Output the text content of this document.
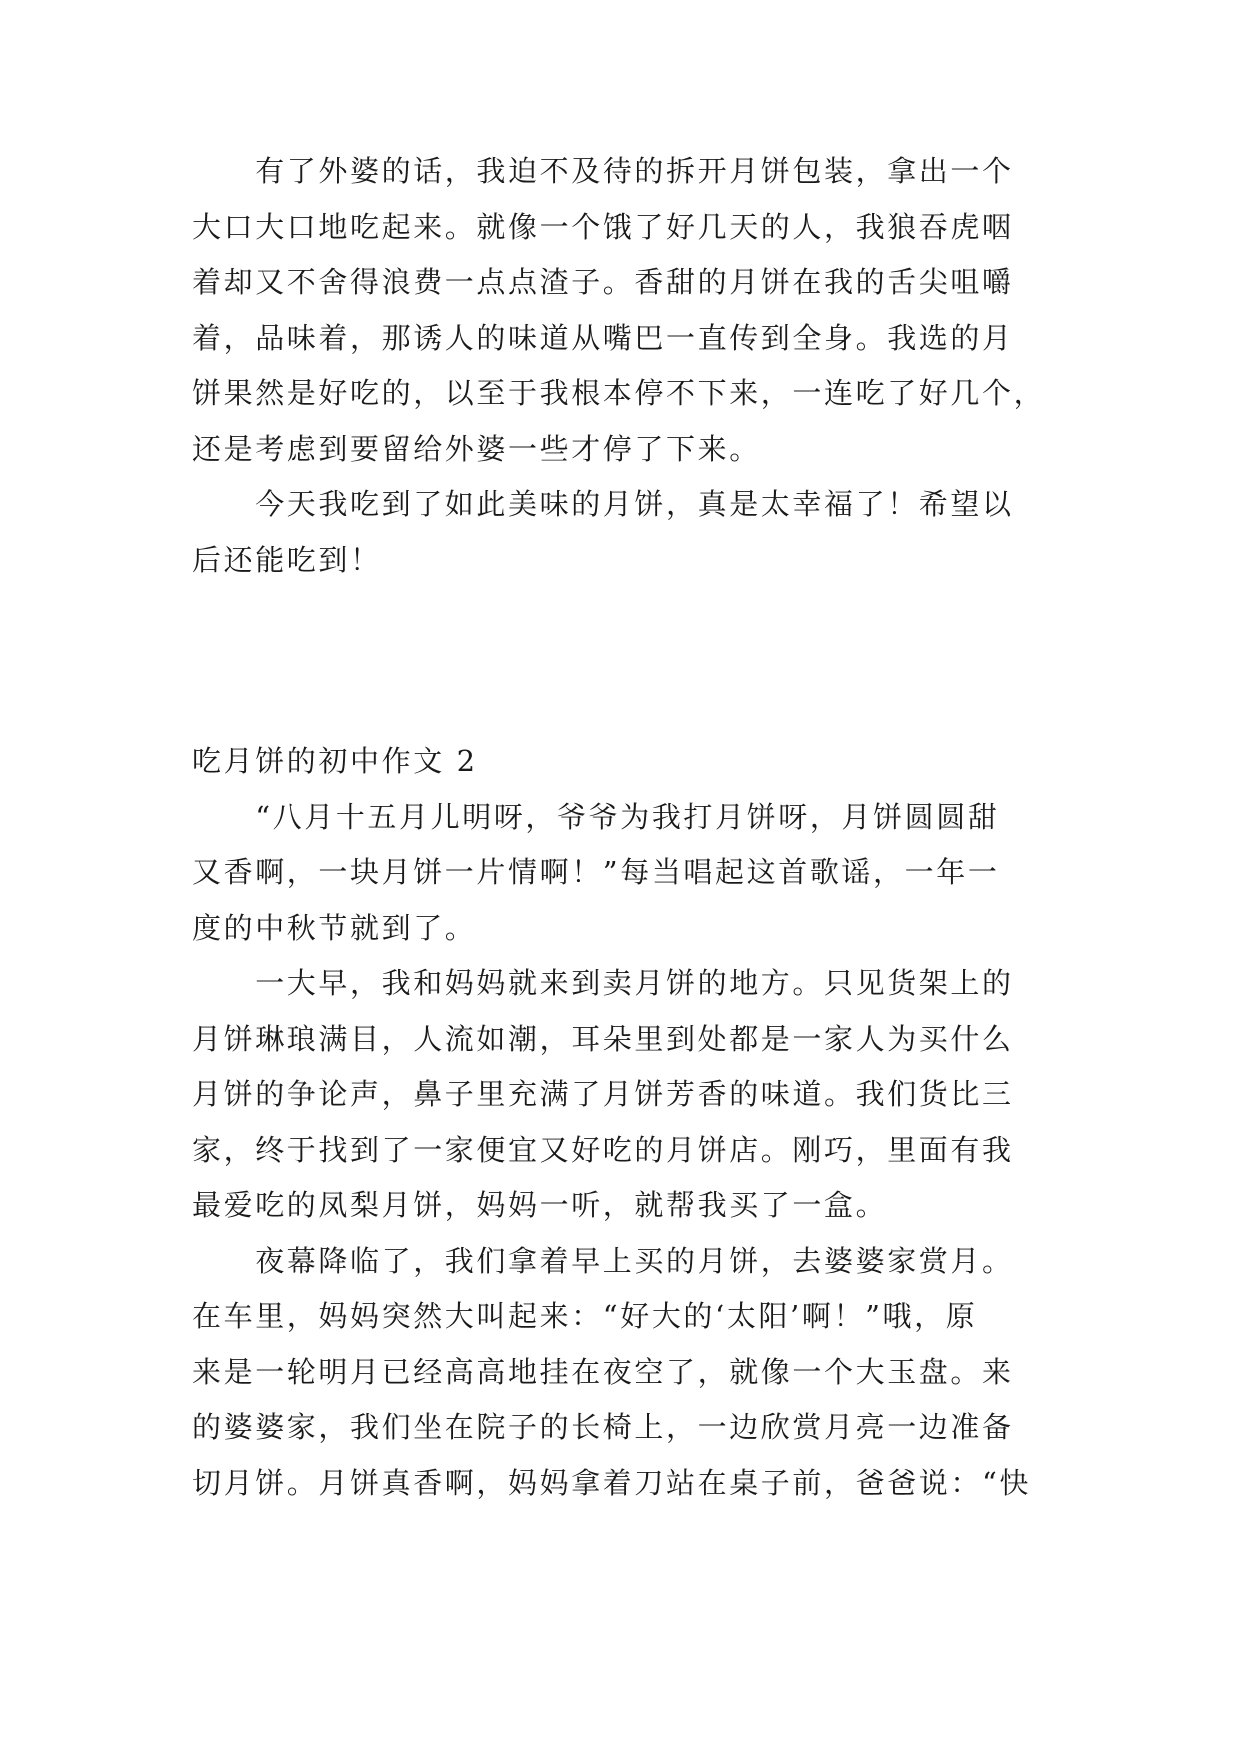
　　有了外婆的话，我迫不及待的拆开月饼包装，拿出一个
大口大口地吃起来。就像一个饿了好几天的人，我狼吞虎咽
着却又不舍得浪费一点点渣子。香甜的月饼在我的舌尖咀嚼
着，品味着，那诱人的味道从嘴巴一直传到全身。我选的月
饼果然是好吃的，以至于我根本停不下来，一连吃了好几个，
还是考虑到要留给外婆一些才停了下来。
　　今天我吃到了如此美味的月饼，真是太幸福了！希望以
后还能吃到！
吃月饼的初中作文 2
　　“八月十五月儿明呀，爷爷为我打月饼呀，月饼圆圆甜
又香啊，一块月饼一片情啊！”每当唱起这首歌谣，一年一
度的中秋节就到了。
　　一大早，我和妈妈就来到卖月饼的地方。只见货架上的
月饼琳琅满目，人流如潮，耳朵里到处都是一家人为买什么
月饼的争论声，鼻子里充满了月饼芳香的味道。我们货比三
家，终于找到了一家便宜又好吃的月饼店。刚巧，里面有我
最爱吃的凤梨月饼，妈妈一听，就帮我买了一盒。
　　夜幕降临了，我们拿着早上买的月饼，去婆婆家赏月。
在车里，妈妈突然大叫起来：“好大的‘太阳’啊！”哦，原
来是一轮明月已经高高地挂在夜空了，就像一个大玉盘。来
的婆婆家，我们坐在院子的长椅上，一边欣赏月亮一边准备
切月饼。月饼真香啊，妈妈拿着刀站在桌子前，爸爸说：“快
